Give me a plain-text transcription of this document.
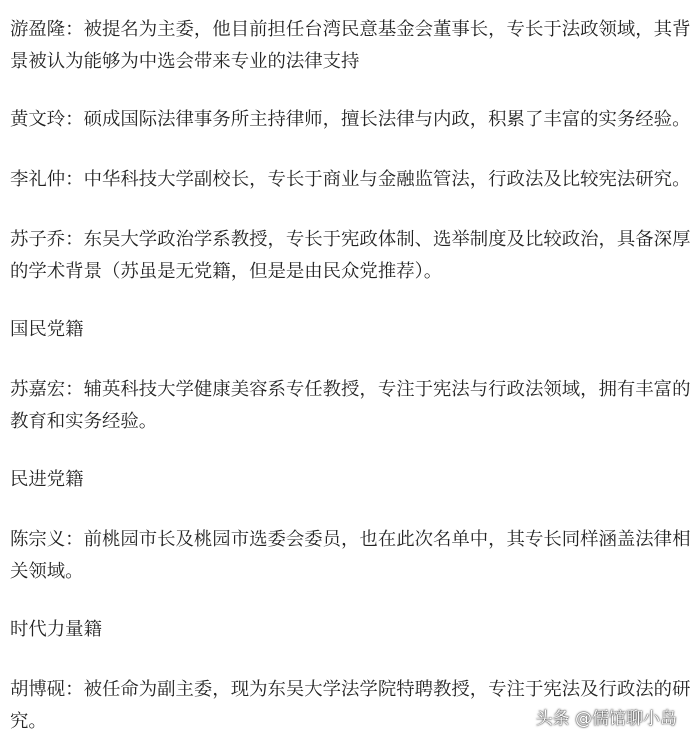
游盈隆：被提名为主委，他目前担任台湾民意基金会董事长，专长于法政领域，其背
景被认为能够为中选会带来专业的法律支持

黄文玲：硕成国际法律事务所主持律师，擅长法律与内政，积累了丰富的实务经验。

李礼仲：中华科技大学副校长，专长于商业与金融监管法，行政法及比较宪法研究。

苏子乔：东吴大学政治学系教授，专长于宪政体制、选举制度及比较政治，具备深厚
的学术背景（苏虽是无党籍，但是是由民众党推荐）。

国民党籍

苏嘉宏：辅英科技大学健康美容系专任教授，专注于宪法与行政法领域，拥有丰富的
教育和实务经验。

民进党籍

陈宗义：前桃园市长及桃园市选委会委员，也在此次名单中，其专长同样涵盖法律相
关领域。

时代力量籍

胡博砚：被任命为副主委，现为东吴大学法学院特聘教授，专注于宪法及行政法的研
究。	头条 @儒馆聊小岛
